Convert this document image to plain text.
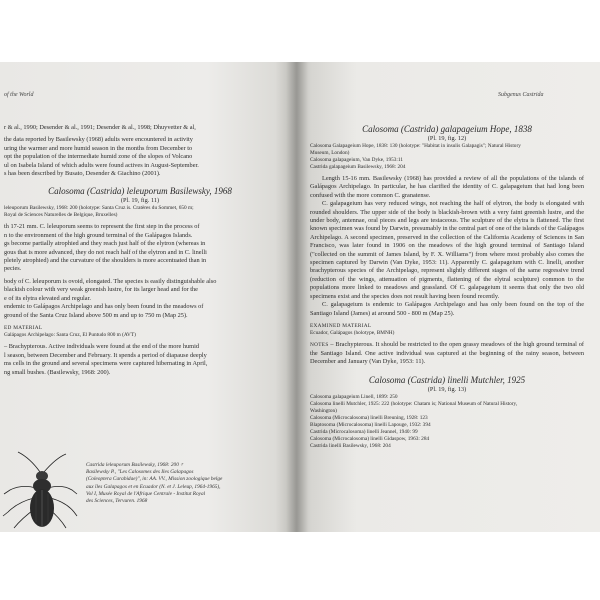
of the World

r & al., 1990; Desender & al., 1991; Desender & al., 1998; Dhuyvetter & al,

the data reported by Basilewsky (1968) adults were encountered in activity

uring the warmer and more humid season in the months from December to

opt the population of the intermediate humid zone of the slopes of Volcano

ul on Isabela Island of which adults were found actives in August-September.

s has been described by Busato, Desender & Giachino (2001).

Calosoma (Castrida) leleuporum Basilewsky, 1968

(Pl. 19, fig. 11)

leleuporum Basilewsky, 1968: 200 (holotype: Santa Cruz is. Cratères du Sommet, 650 m;

Royal de Sciences Naturelles de Belgique, Bruxelles)

th 17-21 mm. C. leleuporum seems to represent the first step in the process of

n to the environment of the high ground terminal of the Galápagos Islands.

gs become partially atrophied and they reach just half of the elytron (whereas in

gous that is more advanced, they do not reach half of the elytron and in C. linelli

pletely atrophied) and the curvature of the shoulders is more accentuated than in

pecies.

body of C. leleuporum is ovoid, elongated. The species is easily distinguishable also

blackish colour with very weak greenish lustre, for its larger head and for the

e of its elytra elevated and regular.

endemic to Galápagos Archipelago and has only been found in the meadows of

ground of the Santa Cruz Island above 500 m and up to 750 m (Map 25).

ED MATERIAL

Galápagos Archipelago: Santa Cruz, El Puntudo 800 m (AVT)

– Brachypterous. Active individuals were found at the end of the more humid

l season, between December and February. It spends a period of diapause deeply

ms cells in the ground and several specimens were captured hibernating in April,

ng small bushes. (Basilewsky, 1968: 200).

Castrida leleuporum Basilewsky, 1968: 200 ♂
Basilewsky P., "Les Calosomes des Iles Galapagos
(Coleoptera Carabidae)", in: AA. VV., Mission zoologique belge
aux îles Galapagos et en Ecuador (N. et J. Leleup, 1964-1965),
Vol I, Musée Royal de l'Afrique Centrale - Institut Royal
des Sciences, Tervuren. 1968
Subgenus Castrida

Calosoma (Castrida) galapageium Hope, 1838

(Pl. 19, fig. 12)

Calosoma Galapageium Hope, 1838: 130 (holotype: "Habitat in insulis Galapagis"; Natural History

Museum, London)

Calosoma galapageium, Van Dyke, 1953:11

Castrida galapageium Basilewsky, 1968: 204

Length 15-16 mm. Basilewsky (1968) has provided a review of all the populations of the islands of Galápagos Archipelago. In particular, he has clarified the identity of C. galapageium that had long been confused with the more common C. granatense.

C. galapageium has very reduced wings, not reaching the half of elytron, the body is elongated with rounded shoulders. The upper side of the body is blackish-brown with a very faint greenish lustre, and the under body, antennae, oral pieces and legs are testaceous. The sculpture of the elytra is flattened. The first known specimen was found by Darwin, presumably in the central part of one of the islands of the Galápagos Archipelago. A second specimen, preserved in the collection of the California Academy of Sciences in San Francisco, was later found in 1906 on the meadows of the high ground terminal of Santiago Island ("collected on the summit of James Island, by F. X. Williams") from where most probably also comes the specimen captured by Darwin (Van Dyke, 1953: 11). Apparently C. galapageium with C. linelli, another brachypterous species of the Archipelago, represent slightly different stages of the same regressive trend (reduction of the wings, attenuation of pigments, flattening of the elytral sculpture) common to the populations more linked to meadows and grassland. Of C. galapageium it seems that only the two old specimens exist and the species does not result having been found recently.

C. galapageium is endemic to Galápagos Archipelago and has only been found on the top of the Santiago Island (James) at around 500 - 800 m (Map 25).

EXAMINED MATERIAL

Ecuador, Galápagos (holotype, BMNH)

NOTES – Brachypterous. It should be restricted to the open grassy meadows of the high ground terminal of the Santiago Island. One active individual was captured at the beginning of the rainy season, between December and January (Van Dyke, 1953: 11).

Calosoma (Castrida) linelli Mutchler, 1925

(Pl. 19, fig. 13)

Calosoma galapageium Linell, 1899: 250

Calosoma linelli Mutchler, 1925: 222 (holotype: Chatam is; National Museum of Natural History,

Washington)

Calosoma (Microcalosoma) linelli Breuning, 1928: 123

Blaptosoma (Microcalosoma) linelli Lapouge, 1932: 394

Castrida (Microcalosoma) linelli Jeannel, 1940: 99

Calosoma (Microcalosoma) linelli Gidaspow, 1963: 284

Castrida linelli Basilewsky, 1968: 204
